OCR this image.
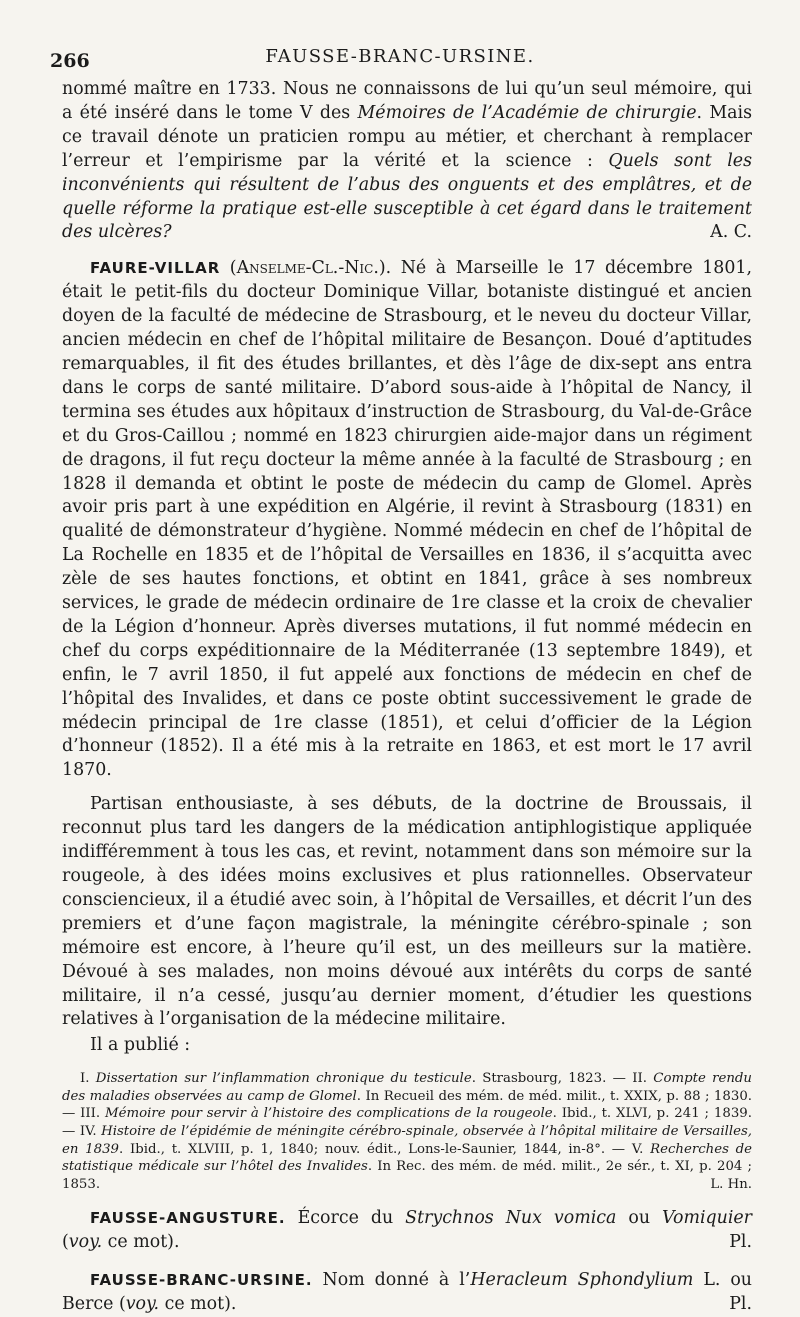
266	FAUSSE-BRANC-URSINE.

nommé maître en 1733. Nous ne connaissons de lui qu’un seul mémoire, qui a été inséré dans le tome V des Mémoires de l’Académie de chirurgie. Mais ce travail dénote un praticien rompu au métier, et cherchant à remplacer l’erreur et l’empirisme par la vérité et la science : Quels sont les inconvénients qui résultent de l’abus des onguents et des emplâtres, et de quelle réforme la pratique est-elle susceptible à cet égard dans le traitement des ulcères?	A. C.

FAURE-VILLAR (Anselme-Cl.-Nic.). Né à Marseille le 17 décembre 1801, était le petit-fils du docteur Dominique Villar, botaniste distingué et ancien doyen de la faculté de médecine de Strasbourg, et le neveu du docteur Villar, ancien médecin en chef de l’hôpital militaire de Besançon. Doué d’aptitudes remarquables, il fit des études brillantes, et dès l’âge de dix-sept ans entra dans le corps de santé militaire. D’abord sous-aide à l’hôpital de Nancy, il termina ses études aux hôpitaux d’instruction de Strasbourg, du Val-de-Grâce et du Gros-Caillou ; nommé en 1823 chirurgien aide-major dans un régiment de dragons, il fut reçu docteur la même année à la faculté de Strasbourg ; en 1828 il demanda et obtint le poste de médecin du camp de Glomel. Après avoir pris part à une expédition en Algérie, il revint à Strasbourg (1831) en qualité de démonstrateur d’hygiène. Nommé médecin en chef de l’hôpital de La Rochelle en 1835 et de l’hôpital de Versailles en 1836, il s’acquitta avec zèle de ses hautes fonctions, et obtint en 1841, grâce à ses nombreux services, le grade de médecin ordinaire de 1re classe et la croix de chevalier de la Légion d’honneur. Après diverses mutations, il fut nommé médecin en chef du corps expéditionnaire de la Méditerranée (13 septembre 1849), et enfin, le 7 avril 1850, il fut appelé aux fonctions de médecin en chef de l’hôpital des Invalides, et dans ce poste obtint successivement le grade de médecin principal de 1re classe (1851), et celui d’officier de la Légion d’honneur (1852). Il a été mis à la retraite en 1863, et est mort le 17 avril 1870.

Partisan enthousiaste, à ses débuts, de la doctrine de Broussais, il reconnut plus tard les dangers de la médication antiphlogistique appliquée indifféremment à tous les cas, et revint, notamment dans son mémoire sur la rougeole, à des idées moins exclusives et plus rationnelles. Observateur consciencieux, il a étudié avec soin, à l’hôpital de Versailles, et décrit l’un des premiers et d’une façon magistrale, la méningite cérébro-spinale ; son mémoire est encore, à l’heure qu’il est, un des meilleurs sur la matière. Dévoué à ses malades, non moins dévoué aux intérêts du corps de santé militaire, il n’a cessé, jusqu’au dernier moment, d’étudier les questions relatives à l’organisation de la médecine militaire.

Il a publié :

I. Dissertation sur l’inflammation chronique du testicule. Strasbourg, 1823. — II. Compte rendu des maladies observées au camp de Glomel. In Recueil des mém. de méd. milit., t. XXIX, p. 88 ; 1830. — III. Mémoire pour servir à l’histoire des complications de la rougeole. Ibid., t. XLVI, p. 241 ; 1839. — IV. Histoire de l’épidémie de méningite cérébro-spinale, observée à l’hôpital militaire de Versailles, en 1839. Ibid., t. XLVIII, p. 1, 1840; nouv. édit., Lons-le-Saunier, 1844, in-8°. — V. Recherches de statistique médicale sur l’hôtel des Invalides. In Rec. des mém. de méd. milit., 2e sér., t. XI, p. 204 ; 1853.	L. Hn.

FAUSSE-ANGUSTURE. Écorce du Strychnos Nux vomica ou Vomiquier (voy. ce mot).	Pl.

FAUSSE-BRANC-URSINE. Nom donné à l’Heracleum Sphondylium L. ou Berce (voy. ce mot).	Pl.
